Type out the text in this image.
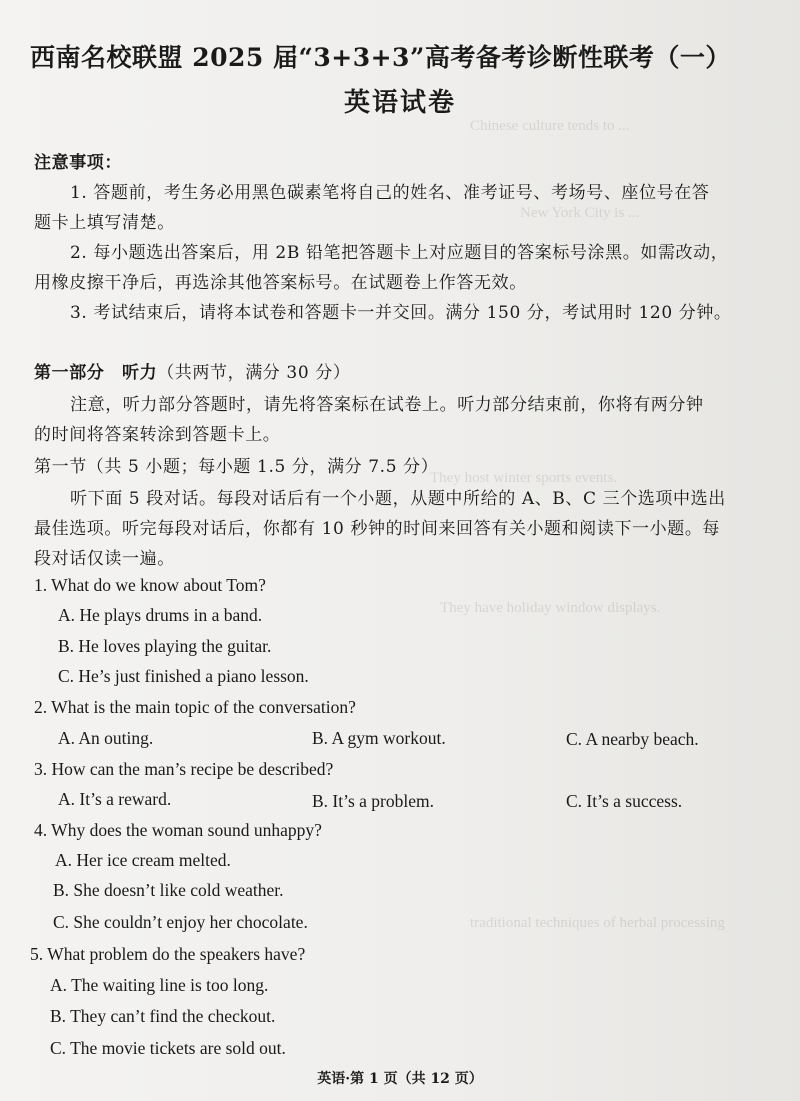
Chinese culture tends to ...
New York City is ...
They host winter sports events.
They have holiday window displays.
traditional techniques of herbal processing
西南名校联盟 2025 届“3+3+3”高考备考诊断性联考（一）
英语试卷
注意事项：
1. 答题前，考生务必用黑色碳素笔将自己的姓名、准考证号、考场号、座位号在答
题卡上填写清楚。
2. 每小题选出答案后，用 2B 铅笔把答题卡上对应题目的答案标号涂黑。如需改动，
用橡皮擦干净后，再选涂其他答案标号。在试题卷上作答无效。
3. 考试结束后，请将本试卷和答题卡一并交回。满分 150 分，考试用时 120 分钟。
第一部分　听力（共两节，满分 30 分）
注意，听力部分答题时，请先将答案标在试卷上。听力部分结束前，你将有两分钟
的时间将答案转涂到答题卡上。
第一节（共 5 小题；每小题 1.5 分，满分 7.5 分）
听下面 5 段对话。每段对话后有一个小题，从题中所给的 A、B、C 三个选项中选出
最佳选项。听完每段对话后，你都有 10 秒钟的时间来回答有关小题和阅读下一小题。每
段对话仅读一遍。
1. What do we know about Tom?
A. He plays drums in a band.
B. He loves playing the guitar.
C. He’s just finished a piano lesson.
2. What is the main topic of the conversation?
A. An outing.	B. A gym workout.	C. A nearby beach.
3. How can the man’s recipe be described?
A. It’s a reward.	B. It’s a problem.	C. It’s a success.
4. Why does the woman sound unhappy?
A. Her ice cream melted.
B. She doesn’t like cold weather.
C. She couldn’t enjoy her chocolate.
5. What problem do the speakers have?
A. The waiting line is too long.
B. They can’t find the checkout.
C. The movie tickets are sold out.
英语·第 1 页（共 12 页）
